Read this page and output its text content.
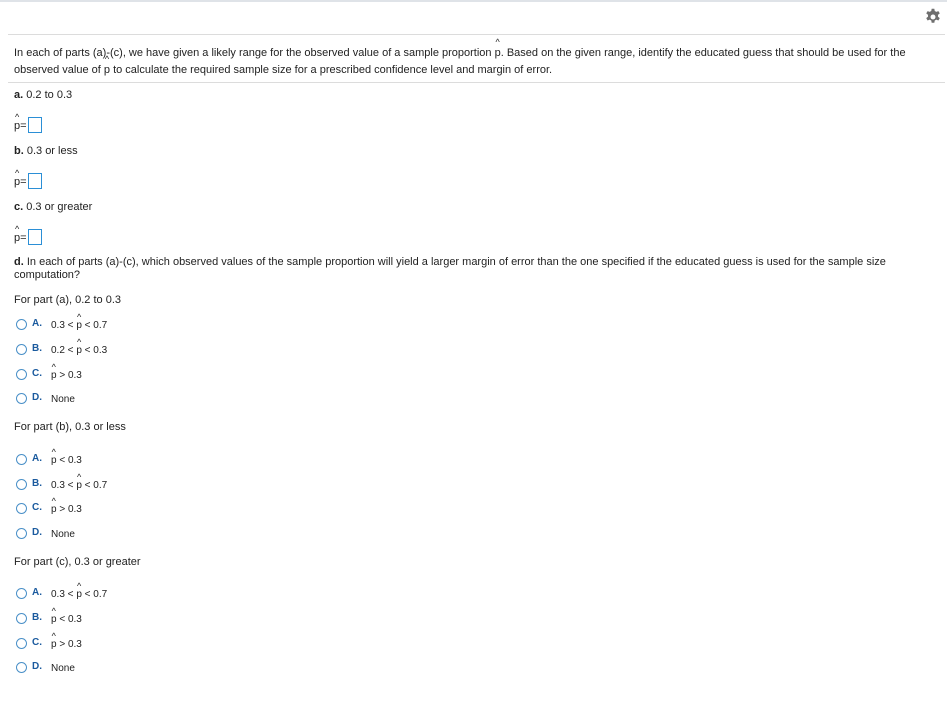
In each of parts (a)-(c), we have given a likely range for the observed value of a sample proportion ^ p. Based on the given range, identify the educated guess that should be used for the observed value of ^ p to calculate the required sample size for a prescribed confidence level and margin of error.
a. 0.2 to 0.3
^ p=
b. 0.3 or less
^ p=
c. 0.3 or greater
^ p=
d. In each of parts (a)-(c), which observed values of the sample proportion will yield a larger margin of error than the one specified if the educated guess is used for the sample size computation?
For part (a), 0.2 to 0.3
A. 0.3 < ^ p < 0.7
B. 0.2 < ^ p < 0.3
C. ^ p > 0.3
D. None
For part (b), 0.3 or less
A. ^ p < 0.3
B. 0.3 < ^ p < 0.7
C. ^ p > 0.3
D. None
For part (c), 0.3 or greater
A. 0.3 < ^ p < 0.7
B. ^ p < 0.3
C. ^ p > 0.3
D. None
